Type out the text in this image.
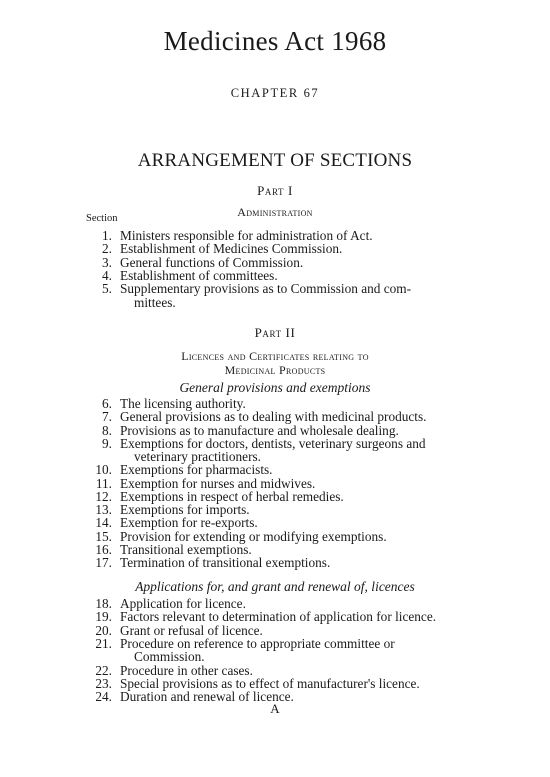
Medicines Act 1968
CHAPTER 67
ARRANGEMENT OF SECTIONS
Part I
Administration
Section
1. Ministers responsible for administration of Act.
2. Establishment of Medicines Commission.
3. General functions of Commission.
4. Establishment of committees.
5. Supplementary provisions as to Commission and com-
mittees.
Part II
Licences and Certificates relating to
Medicinal Products
General provisions and exemptions
6. The licensing authority.
7. General provisions as to dealing with medicinal products.
8. Provisions as to manufacture and wholesale dealing.
9. Exemptions for doctors, dentists, veterinary surgeons and
veterinary practitioners.
10. Exemptions for pharmacists.
11. Exemption for nurses and midwives.
12. Exemptions in respect of herbal remedies.
13. Exemptions for imports.
14. Exemption for re-exports.
15. Provision for extending or modifying exemptions.
16. Transitional exemptions.
17. Termination of transitional exemptions.
Applications for, and grant and renewal of, licences
18. Application for licence.
19. Factors relevant to determination of application for licence.
20. Grant or refusal of licence.
21. Procedure on reference to appropriate committee or
Commission.
22. Procedure in other cases.
23. Special provisions as to effect of manufacturer's licence.
24. Duration and renewal of licence.
A
